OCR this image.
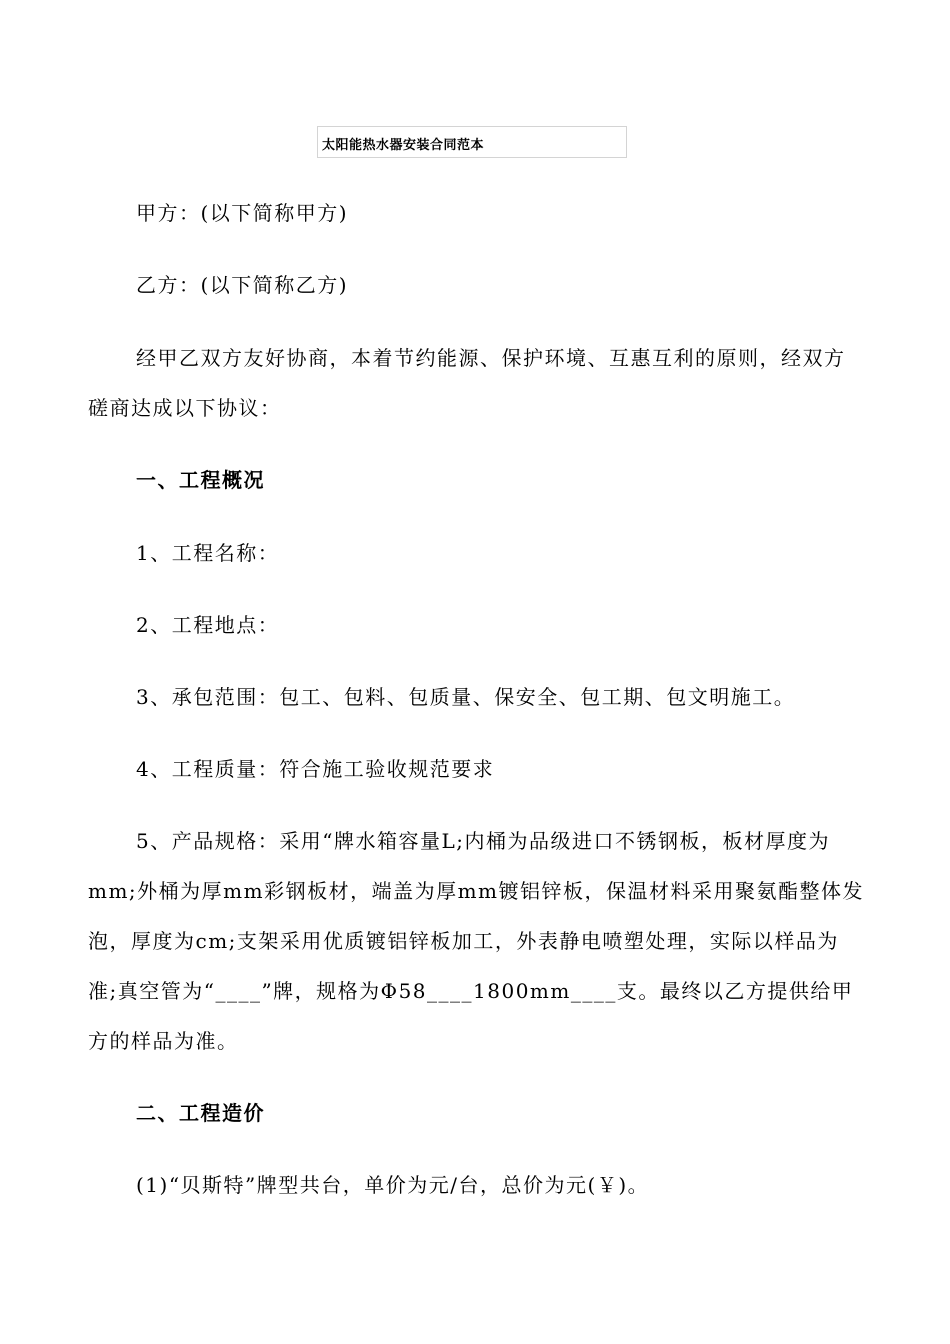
太阳能热水器安装合同范本
甲方：(以下简称甲方)
乙方：(以下简称乙方)
经甲乙双方友好协商，本着节约能源、保护环境、互惠互利的原则，经双方
磋商达成以下协议：
一、工程概况
1、工程名称：
2、工程地点：
3、承包范围：包工、包料、包质量、保安全、包工期、包文明施工。
4、工程质量：符合施工验收规范要求
5、产品规格：采用“牌水箱容量L;内桶为品级进口不锈钢板，板材厚度为
mm;外桶为厚mm彩钢板材，端盖为厚mm镀铝锌板，保温材料采用聚氨酯整体发
泡，厚度为cm;支架采用优质镀铝锌板加工，外表静电喷塑处理，实际以样品为
准;真空管为“____”牌，规格为Φ58____1800mm____支。最终以乙方提供给甲
方的样品为准。
二、工程造价
(1)“贝斯特”牌型共台，单价为元/台，总价为元(￥)。
